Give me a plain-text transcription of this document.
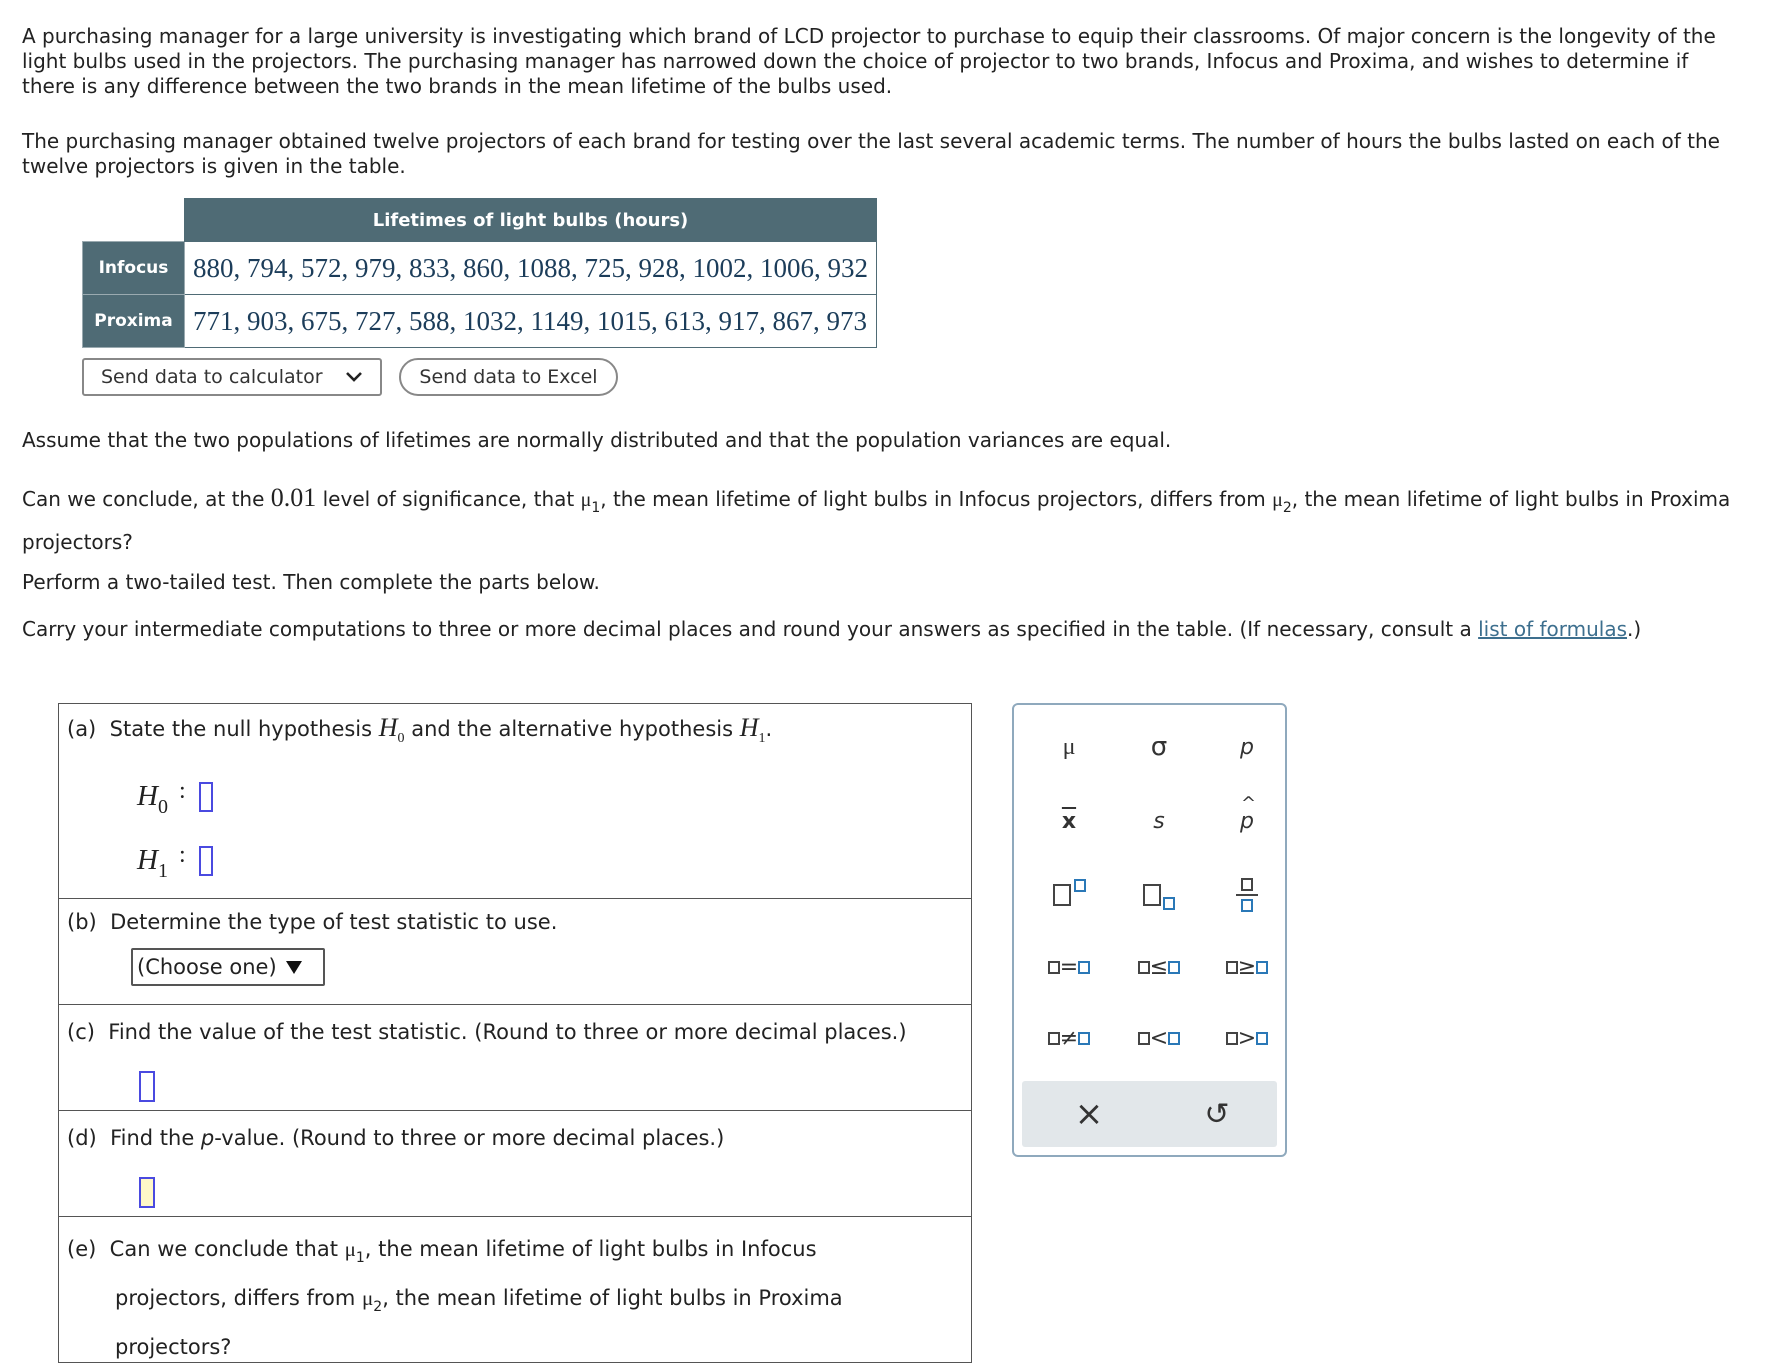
A purchasing manager for a large university is investigating which brand of LCD projector to purchase to equip their classrooms. Of major concern is the longevity of the light bulbs used in the projectors. The purchasing manager has narrowed down the choice of projector to two brands, Infocus and Proxima, and wishes to determine if there is any difference between the two brands in the mean lifetime of the bulbs used.

The purchasing manager obtained twelve projectors of each brand for testing over the last several academic terms. The number of hours the bulbs lasted on each of the twelve projectors is given in the table.

	Lifetimes of light bulbs (hours)
Infocus	880, 794, 572, 979, 833, 860, 1088, 725, 928, 1002, 1006, 932
Proxima	771, 903, 675, 727, 588, 1032, 1149, 1015, 613, 917, 867, 973
Send data to calculator	Send data to Excel

Assume that the two populations of lifetimes are normally distributed and that the population variances are equal.

Can we conclude, at the 0.01 level of significance, that $\mu_1$, the mean lifetime of light bulbs in Infocus projectors, differs from $\mu_2$, the mean lifetime of light bulbs in Proxima projectors?

Perform a two-tailed test. Then complete the parts below.

Carry your intermediate computations to three or more decimal places and round your answers as specified in the table. (If necessary, consult a list of formulas.)

(a) State the null hypothesis $H_0$ and the alternative hypothesis $H_1$.
$H_0$
:
$H_1$
:
(b) Determine the type of test statistic to use.
(Choose one)
(c) Find the value of the test statistic. (Round to three or more decimal places.)
(d) Find the p-value. (Round to three or more decimal places.)
(e) Can we conclude that $\mu_1$, the mean lifetime of light bulbs in Infocus
projectors, differs from $\mu_2$, the mean lifetime of light bulbs in Proxima
projectors?
μ	σ	p
$\overline{x}$	s	p
^
=	≤	≥
≠	<	>
×	↺
